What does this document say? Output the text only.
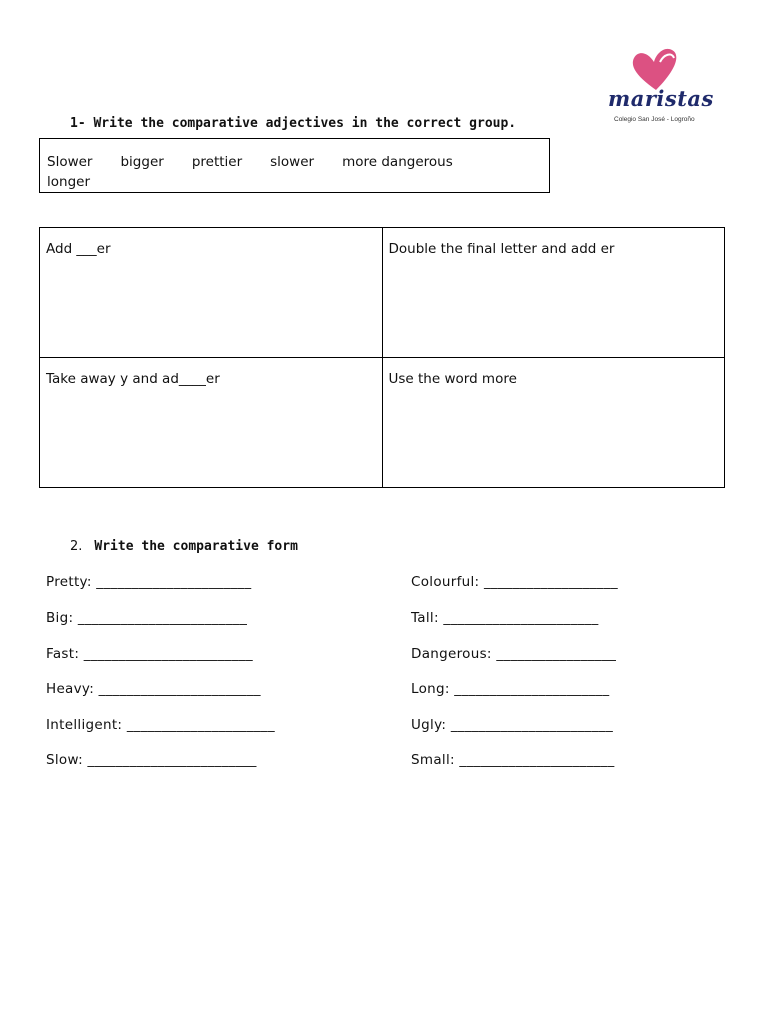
maristas
Colegio San José - Logroño
1- Write the comparative adjectives in the correct group.
Slower bigger prettier slower more dangerous
longer
Add ___er	Double the final letter and add er
Take away y and ad____er	Use the word more
2. Write the comparative form
Pretty: ______________________
Big: ________________________
Fast: ________________________
Heavy: _______________________
Intelligent: _____________________
Slow: ________________________
Colourful: ___________________
Tall: ______________________
Dangerous: _________________
Long: ______________________
Ugly: _______________________
Small: ______________________
